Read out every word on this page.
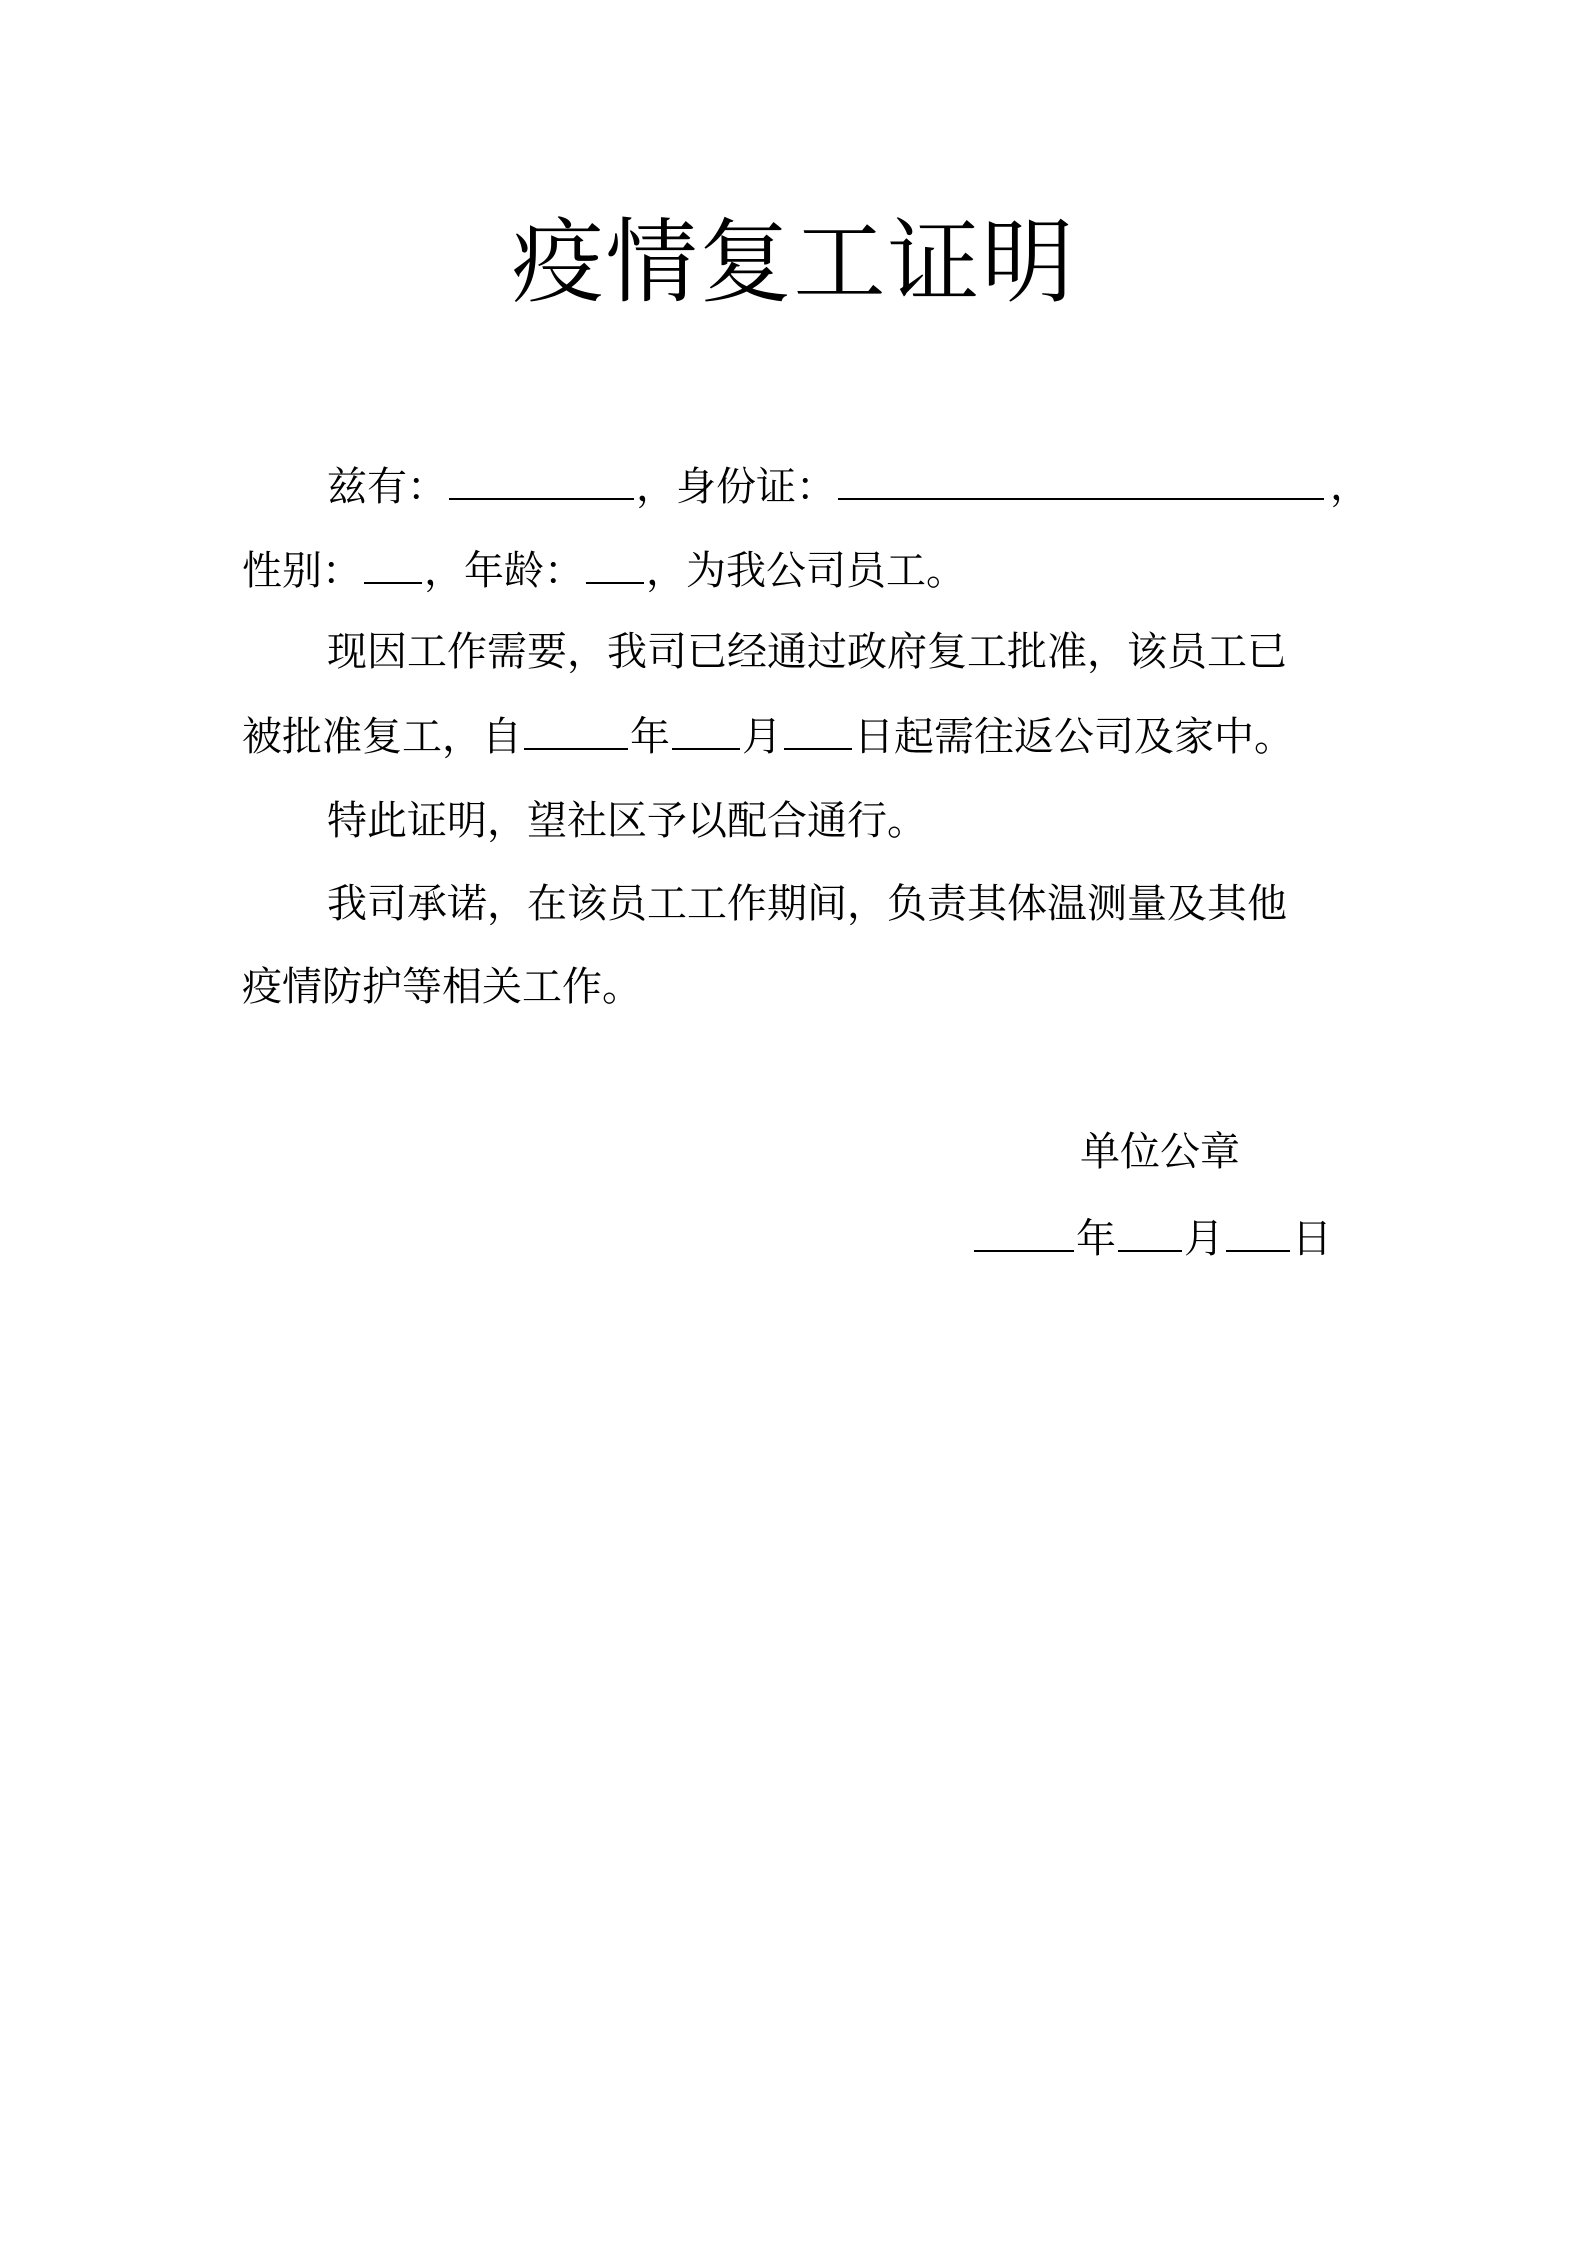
疫情复工证明
兹有：	，身份证：	，
性别： ，年龄： ，为我公司员工。
现因工作需要，我司已经通过政府复工批准，该员工已
被批准复工，自	年 月 日起需往返公司及家中。
特此证明，望社区予以配合通行。
我司承诺，在该员工工作期间，负责其体温测量及其他
疫情防护等相关工作。
单位公章
年 月 日
